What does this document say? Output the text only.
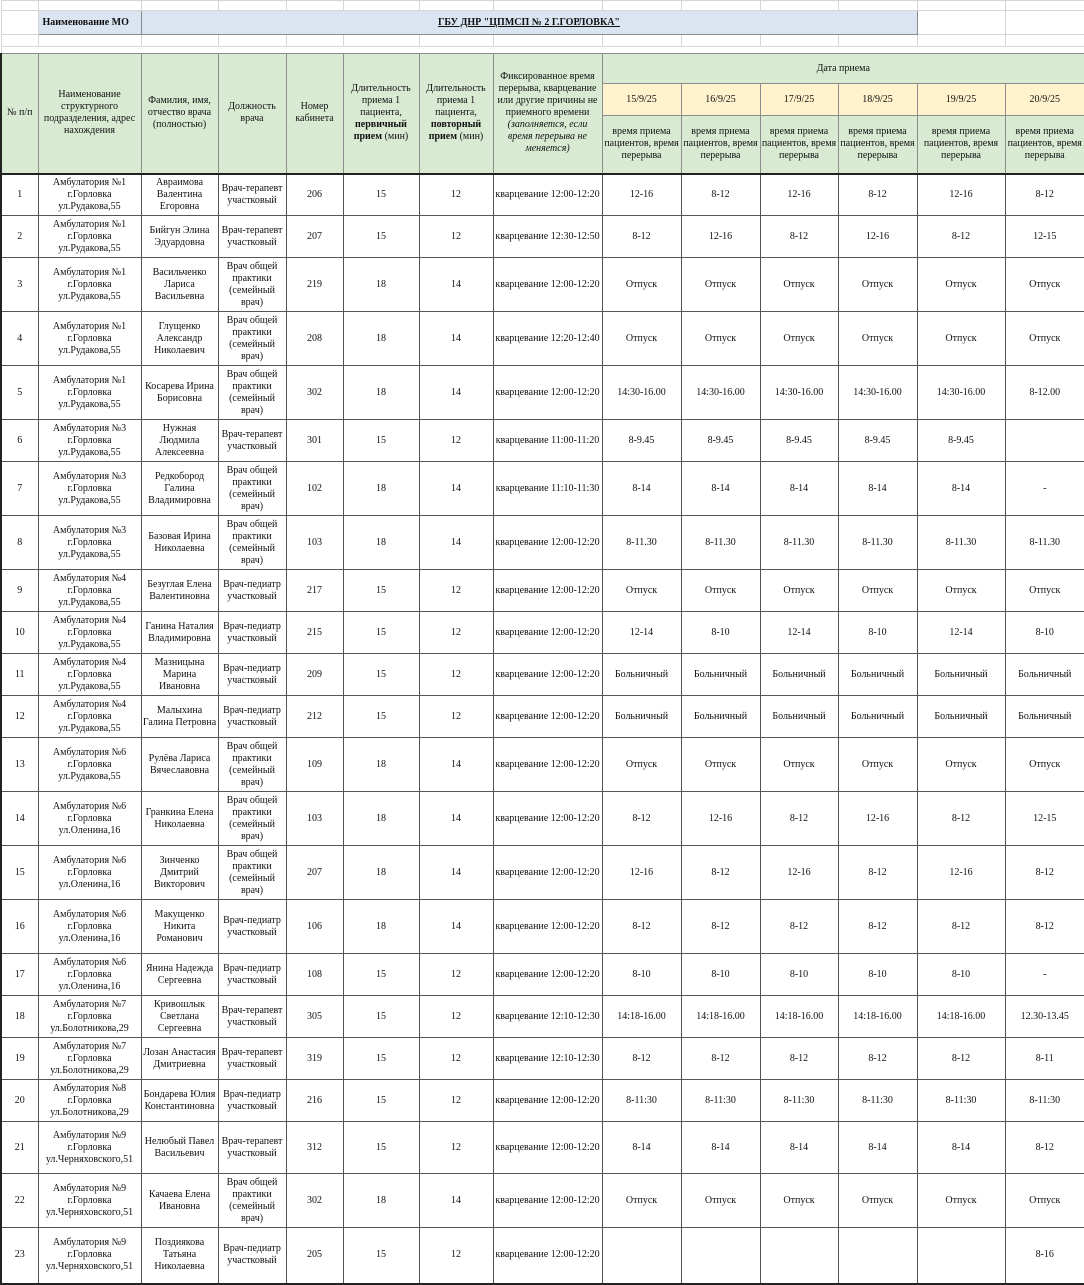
	Наименование МО	ГБУ ДНР "ЦПМСП № 2 Г.ГОРЛОВКА"											

№ п/п	Наименование структурного подразделения, адрес нахождения	Фамилия, имя, отчество врача (полностью)	Должность врача	Номер кабинета	Длительность приема 1 пациента, первичный прием (мин)	Длительность приема 1 пациента, повторный прием (мин)	Фиксированное время перерыва, кварцевание или другие причины не приемного времени (заполняется, если время перерыва не меняется)	Дата приема					
								15/9/25	16/9/25	17/9/25	18/9/25	19/9/25	20/9/25
								время приема пациентов, время перерыва	время приема пациентов, время перерыва	время приема пациентов, время перерыва	время приема пациентов, время перерыва	время приема пациентов, время перерыва	время приема пациентов, время перерыва
1	Амбулатория №1 г.Горловка ул.Рудакова,55	Авраимова Валентина Егоровна	Врач-терапевт участковый	206	15	12	кварцевание 12:00-12:20	12-16	8-12	12-16	8-12	12-16	8-12
2	Амбулатория №1 г.Горловка ул.Рудакова,55	Бийгун Элина Эдуардовна	Врач-терапевт участковый	207	15	12	кварцевание 12:30-12:50	8-12	12-16	8-12	12-16	8-12	12-15
3	Амбулатория №1 г.Горловка ул.Рудакова,55	Васильченко Лариса Васильевна	Врач общей практики (семейный врач)	219	18	14	кварцевание 12:00-12:20	Отпуск	Отпуск	Отпуск	Отпуск	Отпуск	Отпуск
4	Амбулатория №1 г.Горловка ул.Рудакова,55	Глущенко Александр Николаевич	Врач общей практики (семейный врач)	208	18	14	кварцевание 12:20-12:40	Отпуск	Отпуск	Отпуск	Отпуск	Отпуск	Отпуск
5	Амбулатория №1 г.Горловка ул.Рудакова,55	Косарева Ирина Борисовна	Врач общей практики (семейный врач)	302	18	14	кварцевание 12:00-12:20	14:30-16.00	14:30-16.00	14:30-16.00	14:30-16.00	14:30-16.00	8-12.00
6	Амбулатория №3 г.Горловка ул.Рудакова,55	Нужная Людмила Алексеевна	Врач-терапевт участковый	301	15	12	кварцевание 11:00-11:20	8-9.45	8-9.45	8-9.45	8-9.45	8-9.45	
7	Амбулатория №3 г.Горловка ул.Рудакова,55	Редкобород Галина Владимировна	Врач общей практики (семейный врач)	102	18	14	кварцевание 11:10-11:30	8-14	8-14	8-14	8-14	8-14	-
8	Амбулатория №3 г.Горловка ул.Рудакова,55	Базовая Ирина Николаевна	Врач общей практики (семейный врач)	103	18	14	кварцевание 12:00-12:20	8-11.30	8-11.30	8-11.30	8-11.30	8-11.30	8-11.30
9	Амбулатория №4 г.Горловка ул.Рудакова,55	Безуглая Елена Валентиновна	Врач-педиатр участковый	217	15	12	кварцевание 12:00-12:20	Отпуск	Отпуск	Отпуск	Отпуск	Отпуск	Отпуск
10	Амбулатория №4 г.Горловка ул.Рудакова,55	Ганина Наталия Владимировна	Врач-педиатр участковый	215	15	12	кварцевание 12:00-12:20	12-14	8-10	12-14	8-10	12-14	8-10
11	Амбулатория №4 г.Горловка ул.Рудакова,55	Мазницына Марина Ивановна	Врач-педиатр участковый	209	15	12	кварцевание 12:00-12:20	Больничный	Больничный	Больничный	Больничный	Больничный	Больничный
12	Амбулатория №4 г.Горловка ул.Рудакова,55	Малыхина Галина Петровна	Врач-педиатр участковый	212	15	12	кварцевание 12:00-12:20	Больничный	Больничный	Больничный	Больничный	Больничный	Больничный
13	Амбулатория №6 г.Горловка ул.Рудакова,55	Рулёва Лариса Вячеславовна	Врач общей практики (семейный врач)	109	18	14	кварцевание 12:00-12:20	Отпуск	Отпуск	Отпуск	Отпуск	Отпуск	Отпуск
14	Амбулатория №6 г.Горловка ул.Оленина,16	Гранкина Елена Николаевна	Врач общей практики (семейный врач)	103	18	14	кварцевание 12:00-12:20	8-12	12-16	8-12	12-16	8-12	12-15
15	Амбулатория №6 г.Горловка ул.Оленина,16	Зинченко Дмитрий Викторович	Врач общей практики (семейный врач)	207	18	14	кварцевание 12:00-12:20	12-16	8-12	12-16	8-12	12-16	8-12
16	Амбулатория №6 г.Горловка ул.Оленина,16	Макущенко Никита Романович	Врач-педиатр участковый	106	18	14	кварцевание 12:00-12:20	8-12	8-12	8-12	8-12	8-12	8-12
17	Амбулатория №6 г.Горловка ул.Оленина,16	Янина Надежда Сергеевна	Врач-педиатр участковый	108	15	12	кварцевание 12:00-12:20	8-10	8-10	8-10	8-10	8-10	-
18	Амбулатория №7 г.Горловка ул.Болотникова,29	Кривошлык Светлана Сергеевна	Врач-терапевт участковый	305	15	12	кварцевание 12:10-12:30	14:18-16.00	14:18-16.00	14:18-16.00	14:18-16.00	14:18-16.00	12.30-13.45
19	Амбулатория №7 г.Горловка ул.Болотникова,29	Лозан Анастасия Дмитриевна	Врач-терапевт участковый	319	15	12	кварцевание 12:10-12:30	8-12	8-12	8-12	8-12	8-12	8-11
20	Амбулатория №8 г.Горловка ул.Болотникова,29	Бондарева Юлия Константиновна	Врач-педиатр участковый	216	15	12	кварцевание 12:00-12:20	8-11:30	8-11:30	8-11:30	8-11:30	8-11:30	8-11:30
21	Амбулатория №9 г.Горловка ул.Черняховского,51	Нелюбый Павел Васильевич	Врач-терапевт участковый	312	15	12	кварцевание 12:00-12:20	8-14	8-14	8-14	8-14	8-14	8-12
22	Амбулатория №9 г.Горловка ул.Черняховского,51	Качаева Елена Ивановна	Врач общей практики (семейный врач)	302	18	14	кварцевание 12:00-12:20	Отпуск	Отпуск	Отпуск	Отпуск	Отпуск	Отпуск
23	Амбулатория №9 г.Горловка ул.Черняховского,51	Поздиякова Татьяна Николаевна	Врач-педиатр участковый	205	15	12	кварцевание 12:00-12:20						8-16
